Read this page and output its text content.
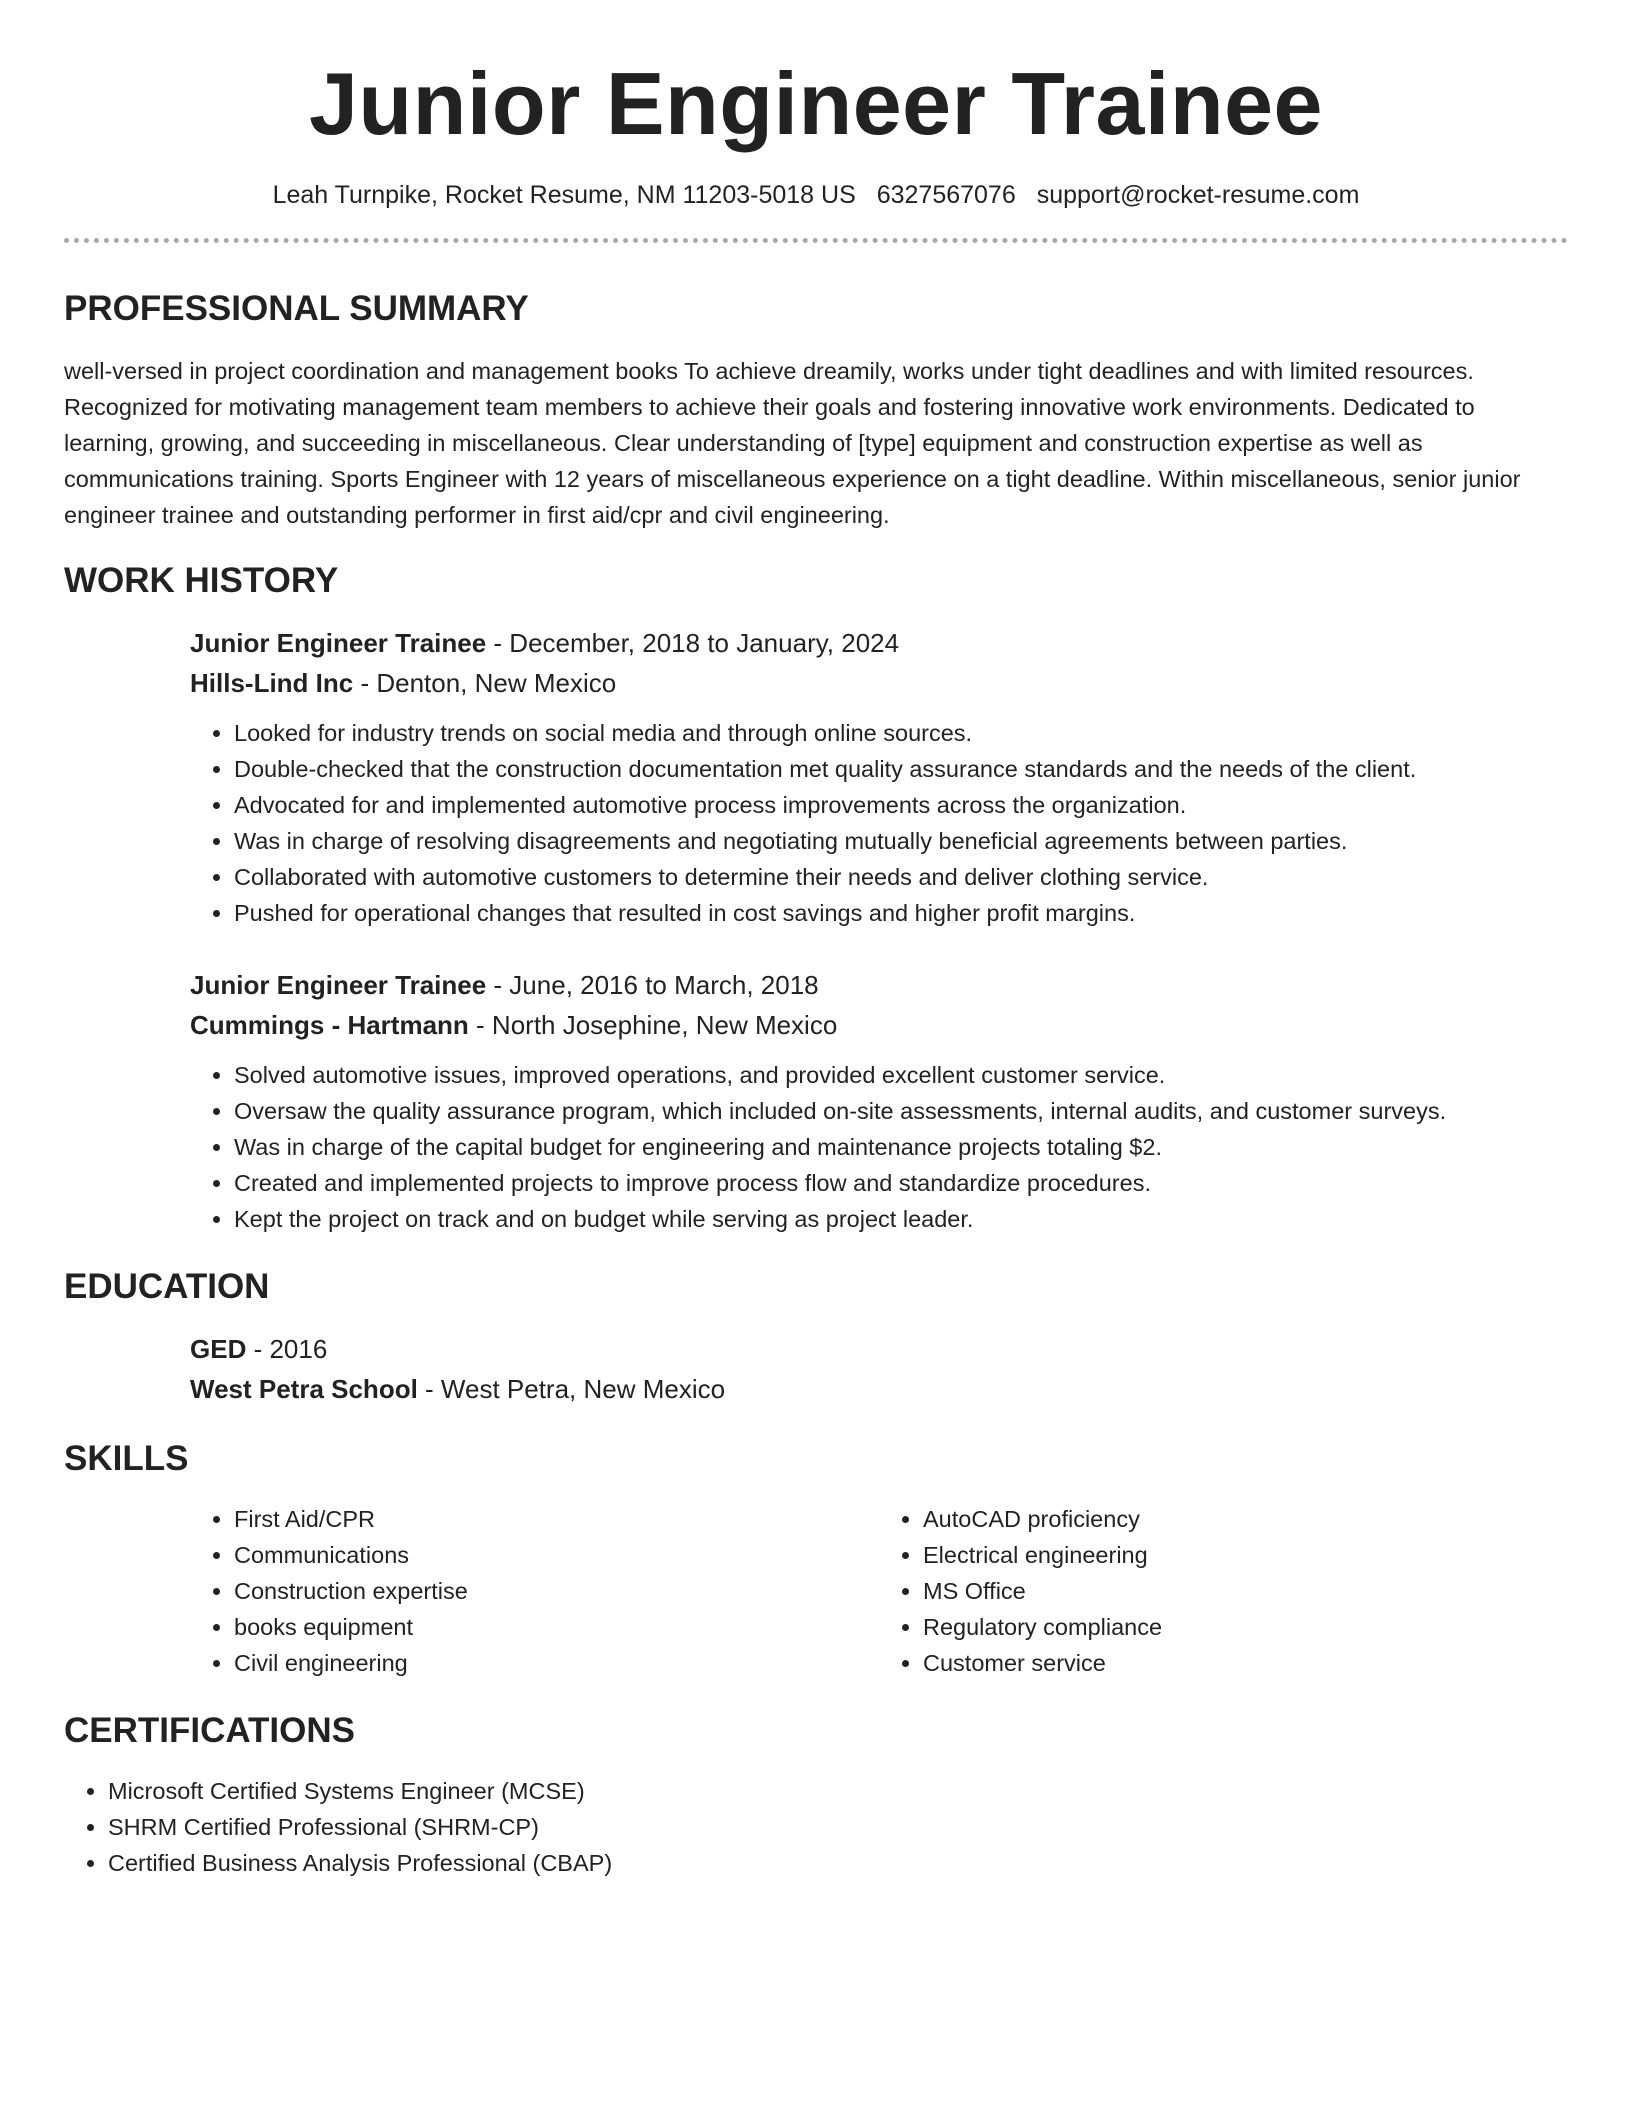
Junior Engineer Trainee
Leah Turnpike, Rocket Resume, NM 11203-5018 US 6327567076 support@rocket-resume.com
PROFESSIONAL SUMMARY

well-versed in project coordination and management books To achieve dreamily, works under tight deadlines and with limited resources. Recognized for motivating management team members to achieve their goals and fostering innovative work environments. Dedicated to learning, growing, and succeeding in miscellaneous. Clear understanding of [type] equipment and construction expertise as well as communications training. Sports Engineer with 12 years of miscellaneous experience on a tight deadline. Within miscellaneous, senior junior engineer trainee and outstanding performer in first aid/cpr and civil engineering.

WORK HISTORY

Junior Engineer Trainee - December, 2018 to January, 2024

Hills-Lind Inc - Denton, New Mexico

• Looked for industry trends on social media and through online sources.
• Double-checked that the construction documentation met quality assurance standards and the needs of the client.
• Advocated for and implemented automotive process improvements across the organization.
• Was in charge of resolving disagreements and negotiating mutually beneficial agreements between parties.
• Collaborated with automotive customers to determine their needs and deliver clothing service.
• Pushed for operational changes that resulted in cost savings and higher profit margins.

Junior Engineer Trainee - June, 2016 to March, 2018

Cummings - Hartmann - North Josephine, New Mexico

• Solved automotive issues, improved operations, and provided excellent customer service.
• Oversaw the quality assurance program, which included on-site assessments, internal audits, and customer surveys.
• Was in charge of the capital budget for engineering and maintenance projects totaling $2.
• Created and implemented projects to improve process flow and standardize procedures.
• Kept the project on track and on budget while serving as project leader.
EDUCATION

GED - 2016

West Petra School - West Petra, New Mexico

SKILLS
• First Aid/CPR
• Communications
• Construction expertise
• books equipment
• Civil engineering
• AutoCAD proficiency
• Electrical engineering
• MS Office
• Regulatory compliance
• Customer service
CERTIFICATIONS
• Microsoft Certified Systems Engineer (MCSE)
• SHRM Certified Professional (SHRM-CP)
• Certified Business Analysis Professional (CBAP)
